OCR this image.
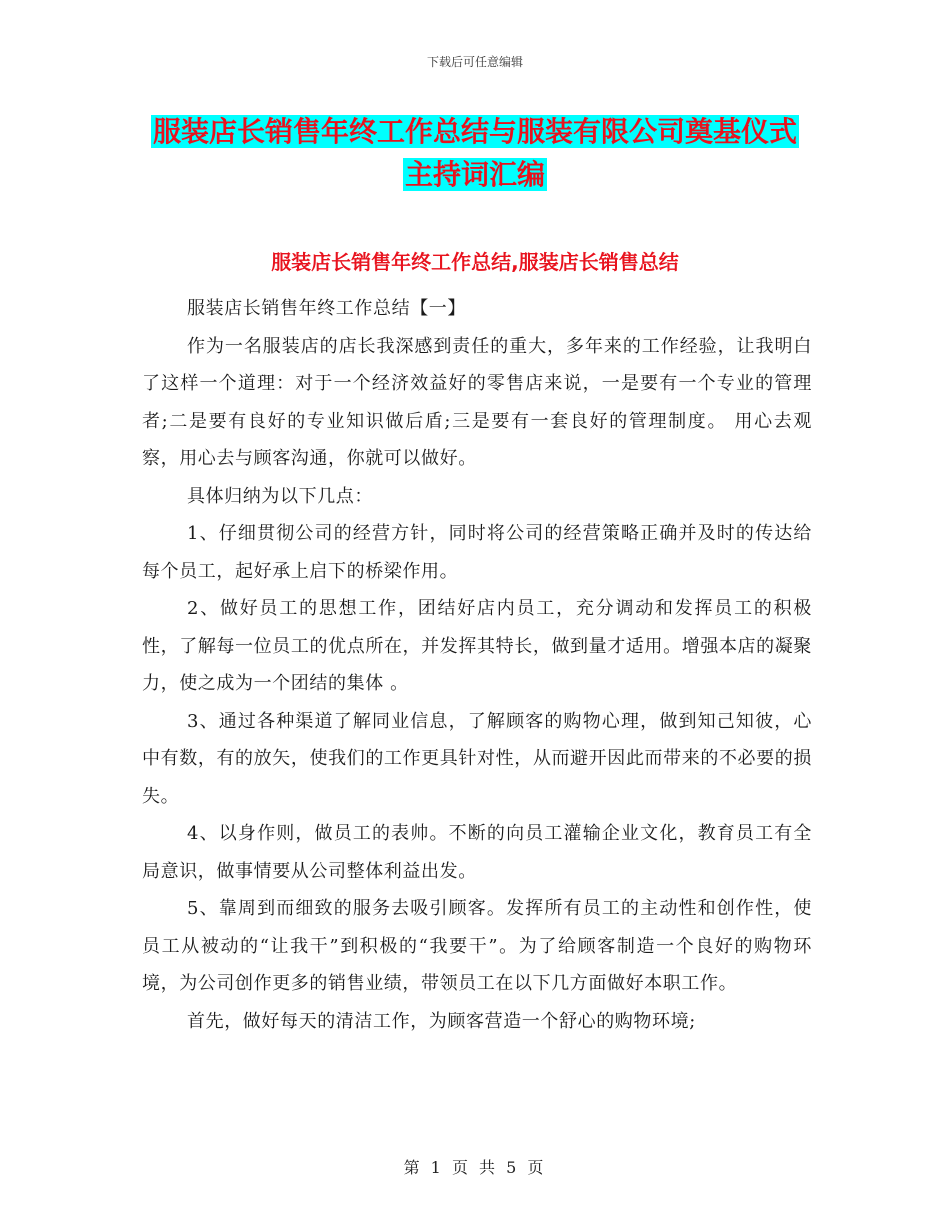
下载后可任意编辑
服装店长销售年终工作总结与服装有限公司奠基仪式
主持词汇编
服装店长销售年终工作总结,服装店长销售总结

服装店长销售年终工作总结【一】

作为一名服装店的店长我深感到责任的重大，多年来的工作经验，让我明白了这样一个道理：对于一个经济效益好的零售店来说，一是要有一个专业的管理者;二是要有良好的专业知识做后盾;三是要有一套良好的管理制度。 用心去观察，用心去与顾客沟通，你就可以做好。

具体归纳为以下几点：

1、仔细贯彻公司的经营方针，同时将公司的经营策略正确并及时的传达给每个员工，起好承上启下的桥梁作用。

2、做好员工的思想工作，团结好店内员工，充分调动和发挥员工的积极性，了解每一位员工的优点所在，并发挥其特长，做到量才适用。增强本店的凝聚力，使之成为一个团结的集体 。

3、通过各种渠道了解同业信息，了解顾客的购物心理，做到知己知彼，心中有数，有的放矢，使我们的工作更具针对性，从而避开因此而带来的不必要的损失。

4、以身作则，做员工的表帅。不断的向员工灌输企业文化，教育员工有全局意识，做事情要从公司整体利益出发。

5、靠周到而细致的服务去吸引顾客。发挥所有员工的主动性和创作性，使员工从被动的“让我干”到积极的“我要干”。为了给顾客制造一个良好的购物环境，为公司创作更多的销售业绩，带领员工在以下几方面做好本职工作。

首先，做好每天的清洁工作，为顾客营造一个舒心的购物环境;

第 1 页 共 5 页
